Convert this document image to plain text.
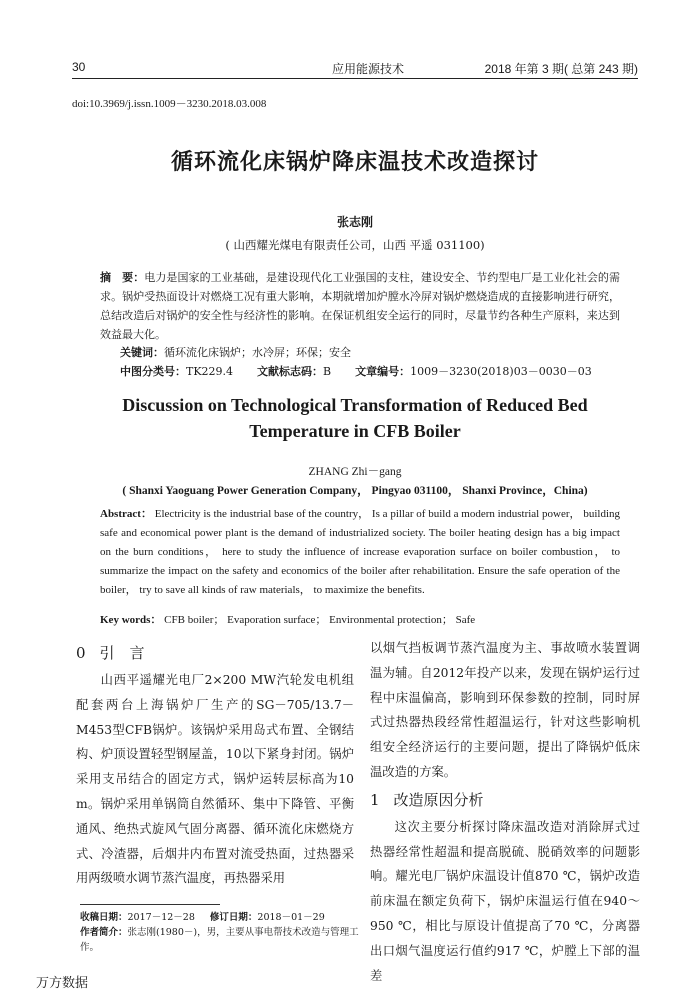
30	应用能源技术	2018 年第 3 期( 总第 243 期)
doi:10.3969/j.issn.1009－3230.2018.03.008
循环流化床锅炉降床温技术改造探讨
张志刚
( 山西耀光煤电有限责任公司，山西 平遥 031100)
摘　要：电力是国家的工业基础，是建设现代化工业强国的支柱，建设安全、节约型电厂是工业化社会的需求。锅炉受热面设计对燃烧工况有重大影响，本期就增加炉膛水冷屏对锅炉燃烧造成的直接影响进行研究，总结改造后对锅炉的安全性与经济性的影响。在保证机组安全运行的同时，尽量节约各种生产原料，来达到效益最大化。
关键词：循环流化床锅炉；水冷屏；环保；安全
中图分类号：TK229.4 文献标志码：B 文章编号：1009－3230(2018)03－0030－03
Discussion on Technological Transformation of Reduced Bed
Temperature in CFB Boiler
ZHANG Zhi－gang
( Shanxi Yaoguang Power Generation Company， Pingyao 031100， Shanxi Province，China)
Abstract： Electricity is the industrial base of the country， Is a pillar of build a modern industrial power， building safe and economical power plant is the demand of industrialized society. The boiler heating design has a big impact on the burn conditions， here to study the influence of increase evaporation surface on boiler combustion， to summarize the impact on the safety and economics of the boiler after rehabilitation. Ensure the safe operation of the boiler， try to save all kinds of raw materials， to maximize the benefits.
Key words： CFB boiler； Evaporation surface； Environmental protection； Safe
0 引　言

山西平遥耀光电厂2×200 MW汽轮发电机组配套两台上海锅炉厂生产的SG－705/13.7－M453型CFB锅炉。该锅炉采用岛式布置、全钢结构、炉顶设置轻型钢屋盖，10以下紧身封闭。锅炉采用支吊结合的固定方式，锅炉运转层标高为10 m。锅炉采用单锅筒自然循环、集中下降管、平衡通风、绝热式旋风气固分离器、循环流化床燃烧方式、冷渣器，后烟井内布置对流受热面，过热器采用两级喷水调节蒸汽温度，再热器采用

以烟气挡板调节蒸汽温度为主、事故喷水装置调温为辅。自2012年投产以来，发现在锅炉运行过程中床温偏高，影响到环保参数的控制，同时屏式过热器热段经常性超温运行，针对这些影响机组安全经济运行的主要问题，提出了降锅炉低床温改造的方案。

1 改造原因分析

这次主要分析探讨降床温改造对消除屏式过热器经常性超温和提高脱硫、脱硝效率的问题影响。耀光电厂锅炉床温设计值870 ℃，锅炉改造前床温在额定负荷下，锅炉床温运行值在940～950 ℃，相比与原设计值提高了70 ℃，分离器出口烟气温度运行值约917 ℃，炉膛上下部的温差

收稿日期：2017－12－28 修订日期：2018－01－29
作者简介：张志刚(1980－)，男，主要从事电帮技术改造与管理工作。
万方数据
